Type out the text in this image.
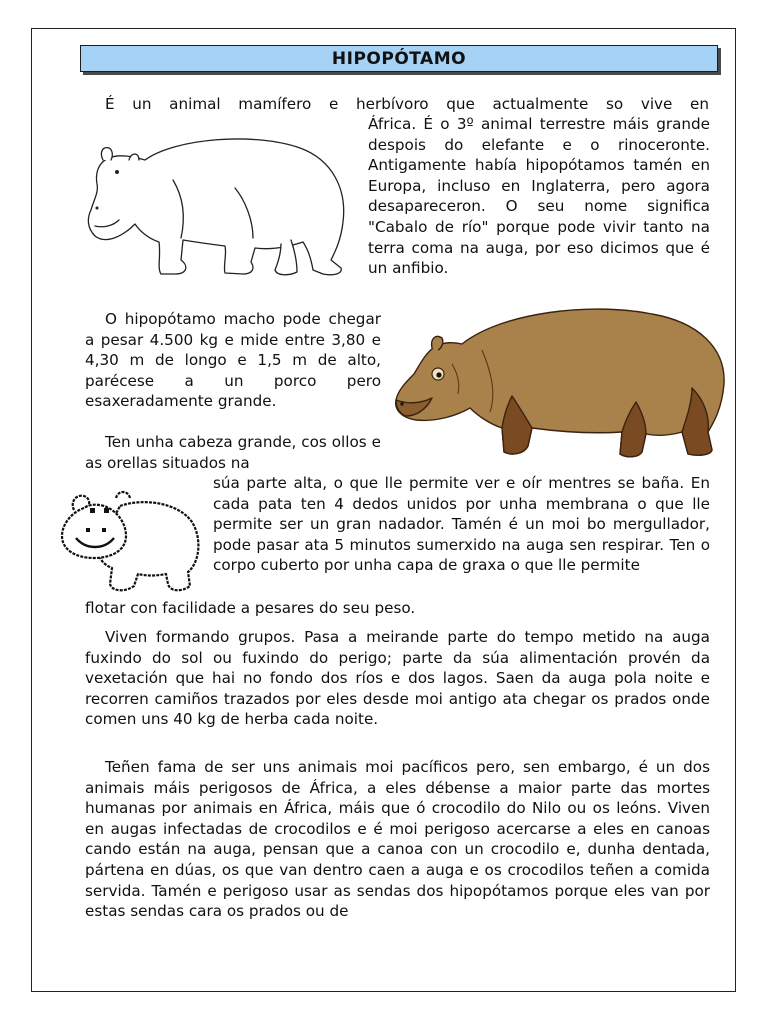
HIPOPÓTAMO
É un animal mamífero e herbívoro que actualmente so vive en

África. É o 3º animal terrestre máis grande despois do elefante e o rinoceronte. Antigamente había hipopótamos tamén en Europa, incluso en Inglaterra, pero agora desapareceron. O seu nome significa "Cabalo de río" porque pode vivir tanto na terra coma na auga, por eso dicimos que é un anfibio.

O hipopótamo macho pode chegar a pesar 4.500 kg e mide entre 3,80 e 4,30 m de longo e 1,5 m de alto, parécese a un porco pero esaxeradamente grande.

Ten unha cabeza grande, cos ollos e as orellas situados na

súa parte alta, o que lle permite ver e oír mentres se baña. En cada pata ten 4 dedos unidos por unha membrana o que lle permite ser un gran nadador. Tamén é un moi bo mergullador, pode pasar ata 5 minutos sumerxido na auga sen respirar. Ten o corpo cuberto por unha capa de graxa o que lle permite

flotar con facilidade a pesares do seu peso.

Viven formando grupos. Pasa a meirande parte do tempo metido na auga fuxindo do sol ou fuxindo do perigo; parte da súa alimentación provén da vexetación que hai no fondo dos ríos e dos lagos. Saen da auga pola noite e recorren camiños trazados por eles desde moi antigo ata chegar os prados onde comen uns 40 kg de herba cada noite.

Teñen fama de ser uns animais moi pacíficos pero, sen embargo, é un dos animais máis perigosos de África, a eles débense a maior parte das mortes humanas por animais en África, máis que ó crocodilo do Nilo ou os leóns. Viven en augas infectadas de crocodilos e é moi perigoso acercarse a eles en canoas cando están na auga, pensan que a canoa con un crocodilo e, dunha dentada, pártena en dúas, os que van dentro caen a auga e os crocodilos teñen a comida servida. Tamén e perigoso usar as sendas dos hipopótamos porque eles van por estas sendas cara os prados ou de
